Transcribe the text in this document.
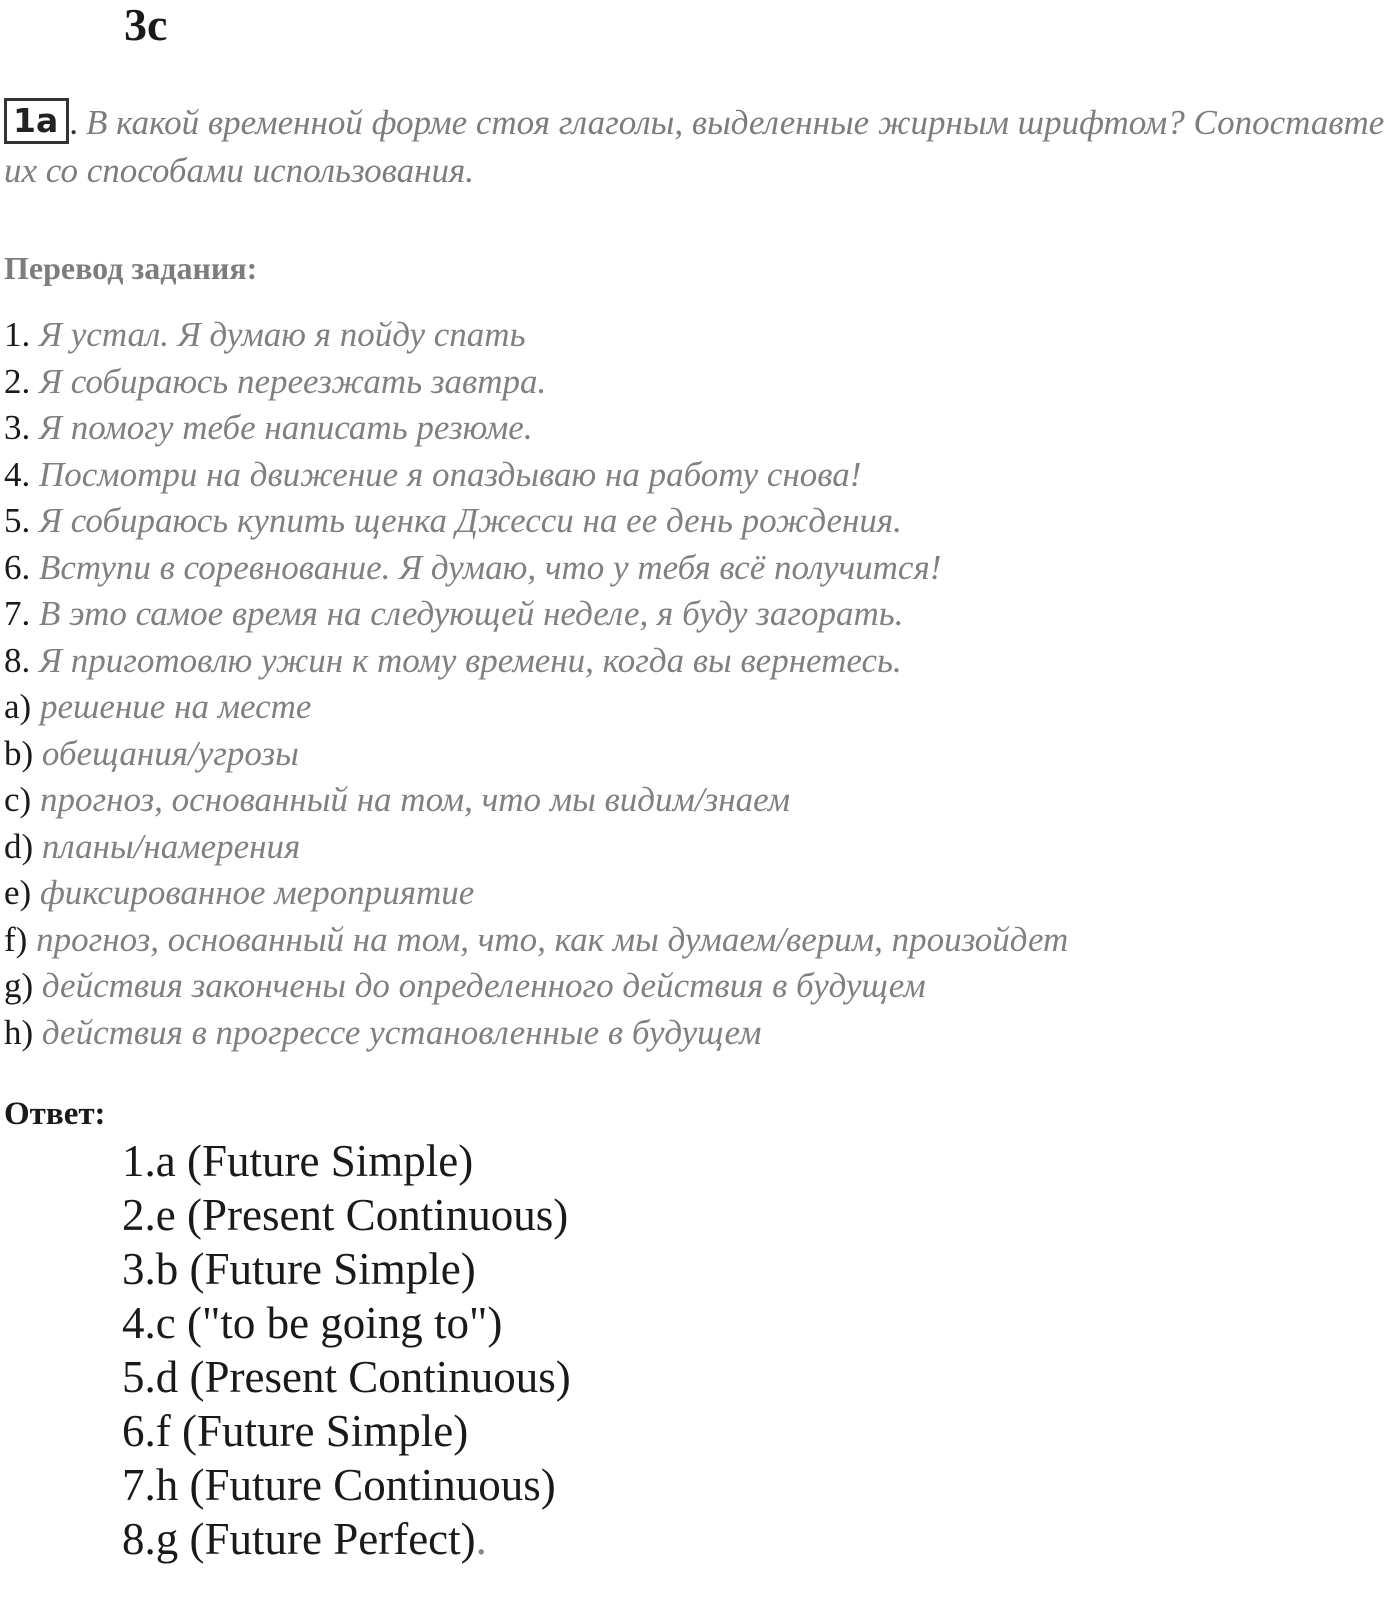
3c
1a . В какой временной форме стоя глаголы, выделенные жирным шрифтом? Сопоставте их со способами использования.
Перевод задания:
1. Я устал. Я думаю я пойду спать
2. Я собираюсь переезжать завтра.
3. Я помогу тебе написать резюме.
4. Посмотри на движение я опаздываю на работу снова!
5. Я собираюсь купить щенка Джесси на ее день рождения.
6. Вступи в соревнование. Я думаю, что у тебя всё получится!
7. В это самое время на следующей неделе, я буду загорать.
8. Я приготовлю ужин к тому времени, когда вы вернетесь.
a) решение на месте
b) обещания/угрозы
c) прогноз, основанный на том, что мы видим/знаем
d) планы/намерения
e) фиксированное мероприятие
f) прогноз, основанный на том, что, как мы думаем/верим, произойдет
g) действия закончены до определенного действия в будущем
h) действия в прогрессе установленные в будущем
Ответ:
1.a (Future Simple)
2.e (Present Continuous)
3.b (Future Simple)
4.c ("to be going to")
5.d (Present Continuous)
6.f (Future Simple)
7.h (Future Continuous)
8.g (Future Perfect).
